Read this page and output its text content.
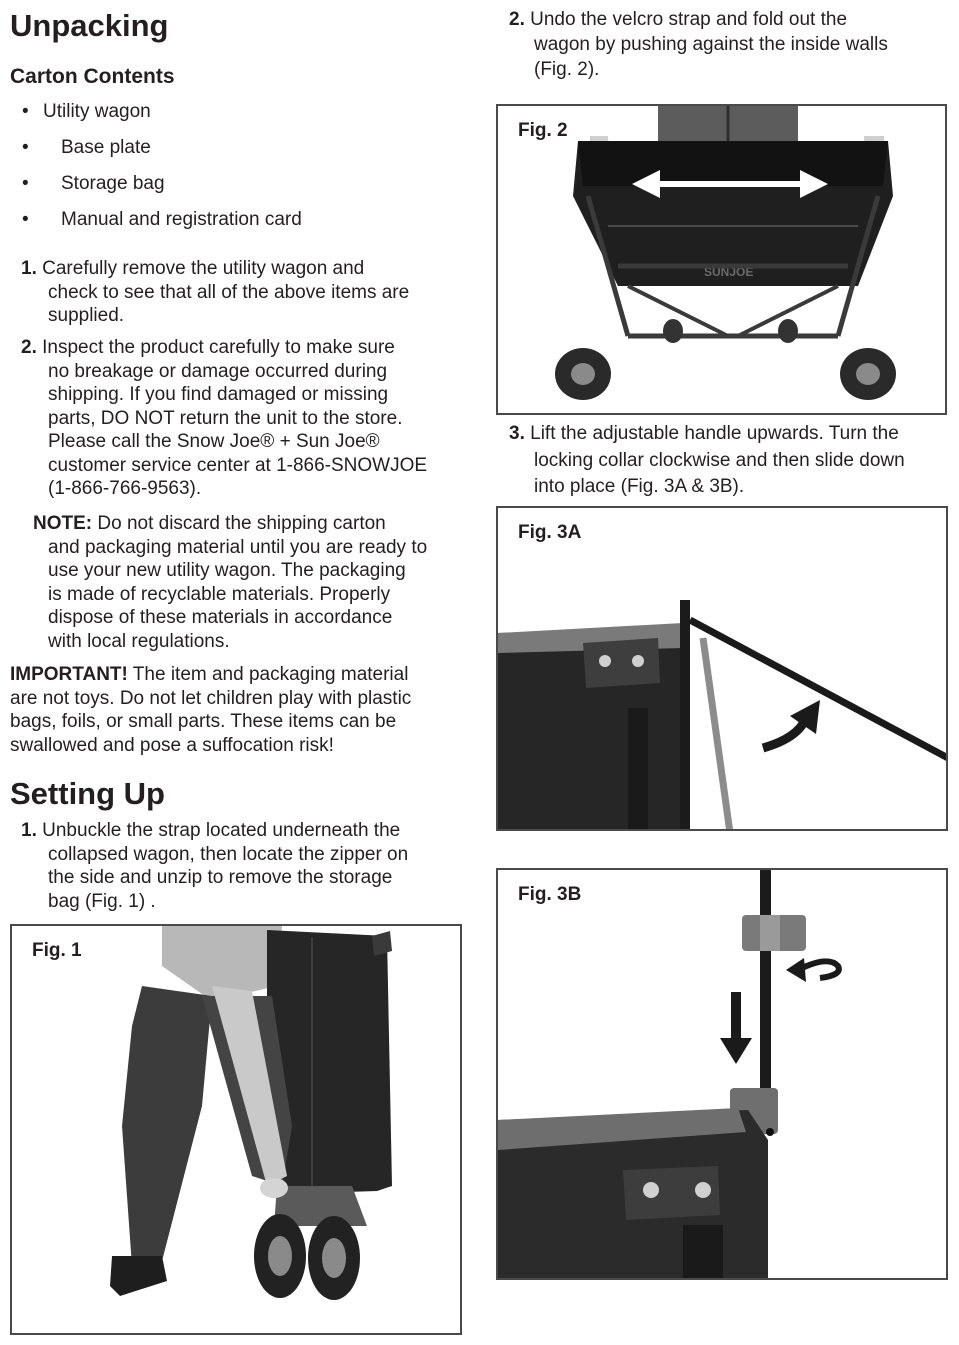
Unpacking
Carton Contents
• Utility wagon
• Base plate
• Storage bag
• Manual and registration card
1. Carefully remove the utility wagon and
check to see that all of the above items are
supplied.
2. Inspect the product carefully to make sure
no breakage or damage occurred during
shipping. If you find damaged or missing
parts, DO NOT return the unit to the store.
Please call the Snow Joe® + Sun Joe®
customer service center at 1-866-SNOWJOE
(1-866-766-9563).
NOTE: Do not discard the shipping carton
and packaging material until you are ready to
use your new utility wagon. The packaging
is made of recyclable materials. Properly
dispose of these materials in accordance
with local regulations.
IMPORTANT! The item and packaging material
are not toys. Do not let children play with plastic
bags, foils, or small parts. These items can be
swallowed and pose a suffocation risk!
Setting Up
1. Unbuckle the strap located underneath the
collapsed wagon, then locate the zipper on
the side and unzip to remove the storage
bag (Fig. 1) .
Fig. 1
2. Undo the velcro strap and fold out the
wagon by pushing against the inside walls
(Fig. 2).
Fig. 2
SUNJOE
3. Lift the adjustable handle upwards. Turn the
locking collar clockwise and then slide down
into place (Fig. 3A & 3B).
Fig. 3A
Fig. 3B
